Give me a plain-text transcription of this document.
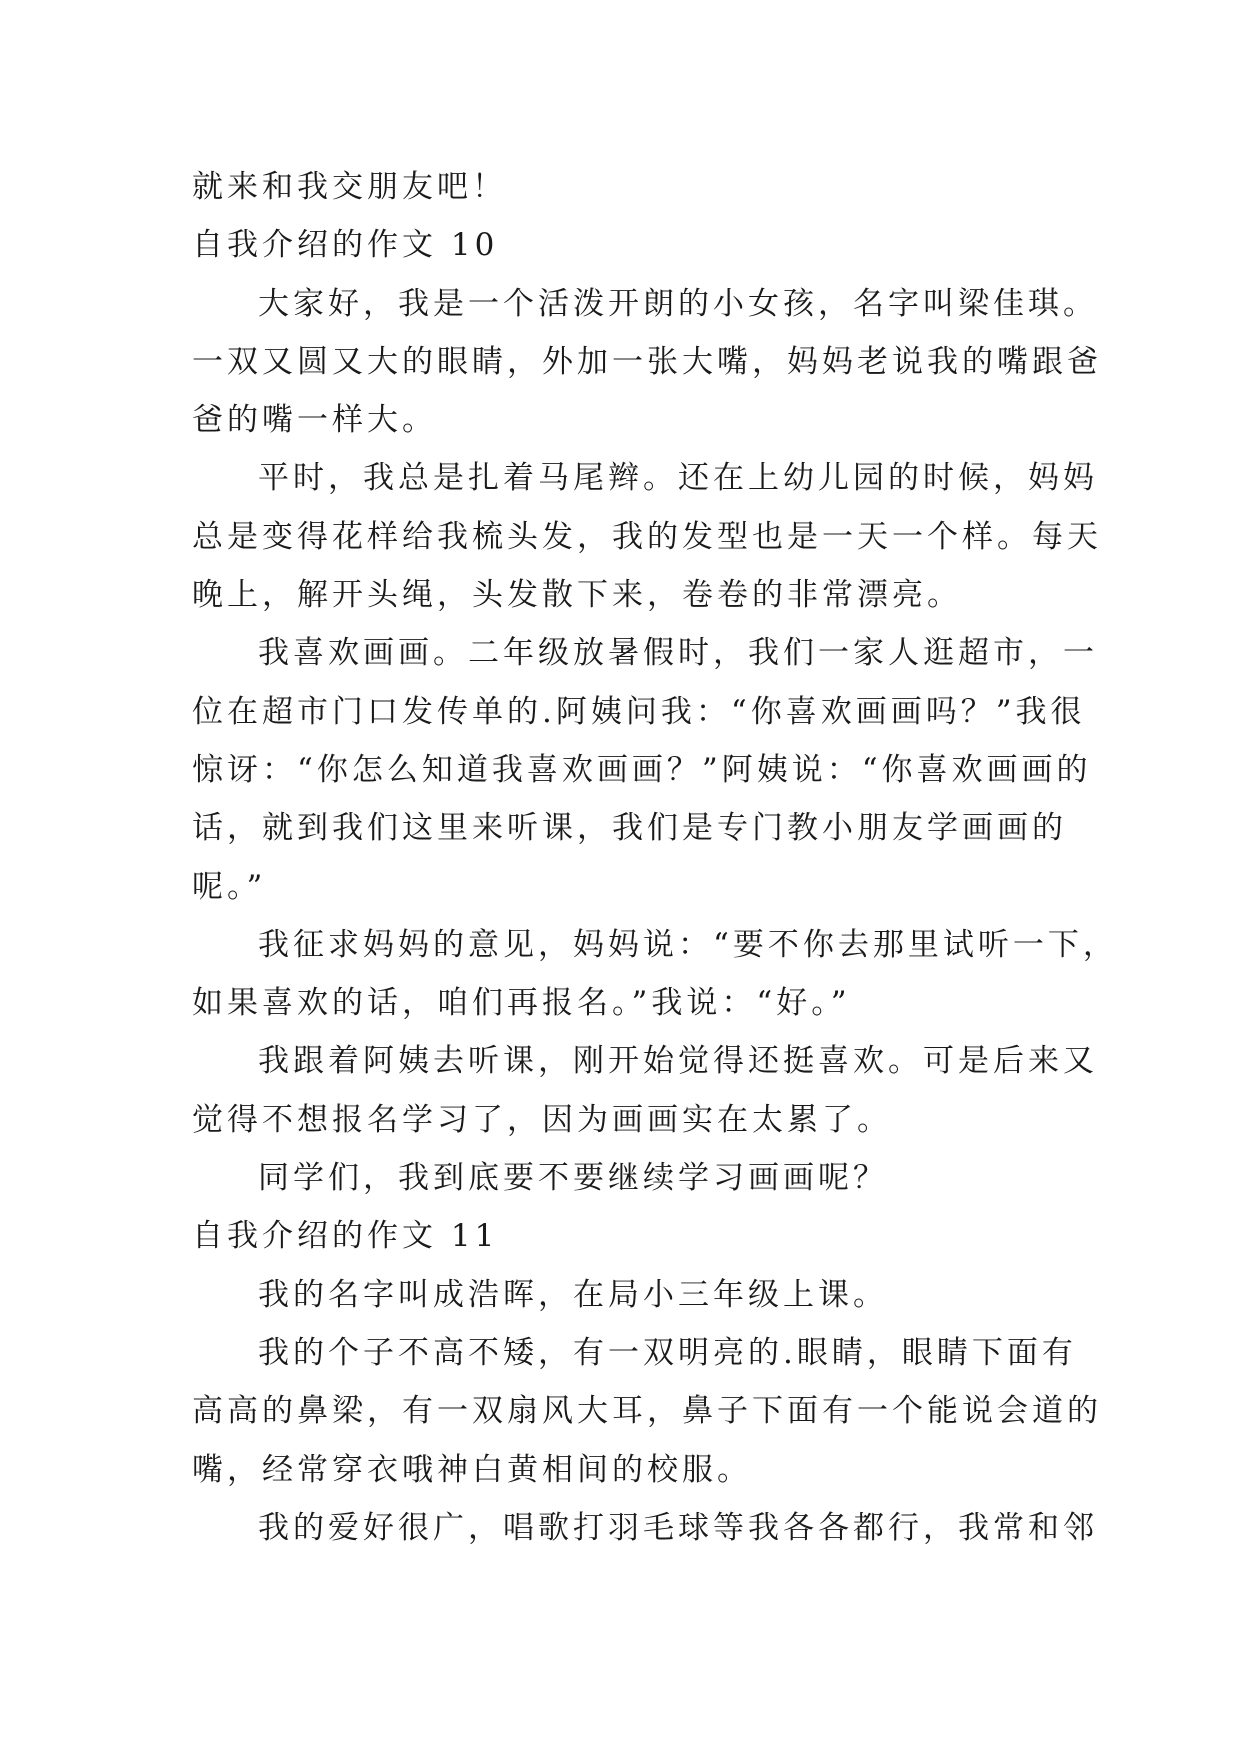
就来和我交朋友吧！
自我介绍的作文 10
大家好，我是一个活泼开朗的小女孩，名字叫梁佳琪。
一双又圆又大的眼睛，外加一张大嘴，妈妈老说我的嘴跟爸
爸的嘴一样大。
平时，我总是扎着马尾辫。还在上幼儿园的时候，妈妈
总是变得花样给我梳头发，我的发型也是一天一个样。每天
晚上，解开头绳，头发散下来，卷卷的非常漂亮。
我喜欢画画。二年级放暑假时，我们一家人逛超市，一
位在超市门口发传单的.阿姨问我：“你喜欢画画吗？”我很
惊讶：“你怎么知道我喜欢画画？”阿姨说：“你喜欢画画的
话，就到我们这里来听课，我们是专门教小朋友学画画的
呢。”
我征求妈妈的意见，妈妈说：“要不你去那里试听一下，
如果喜欢的话，咱们再报名。”我说：“好。”
我跟着阿姨去听课，刚开始觉得还挺喜欢。可是后来又
觉得不想报名学习了，因为画画实在太累了。
同学们，我到底要不要继续学习画画呢？
自我介绍的作文 11
我的名字叫成浩晖，在局小三年级上课。
我的个子不高不矮，有一双明亮的.眼睛，眼睛下面有
高高的鼻梁，有一双扇风大耳，鼻子下面有一个能说会道的
嘴，经常穿衣哦神白黄相间的校服。
我的爱好很广，唱歌打羽毛球等我各各都行，我常和邻
